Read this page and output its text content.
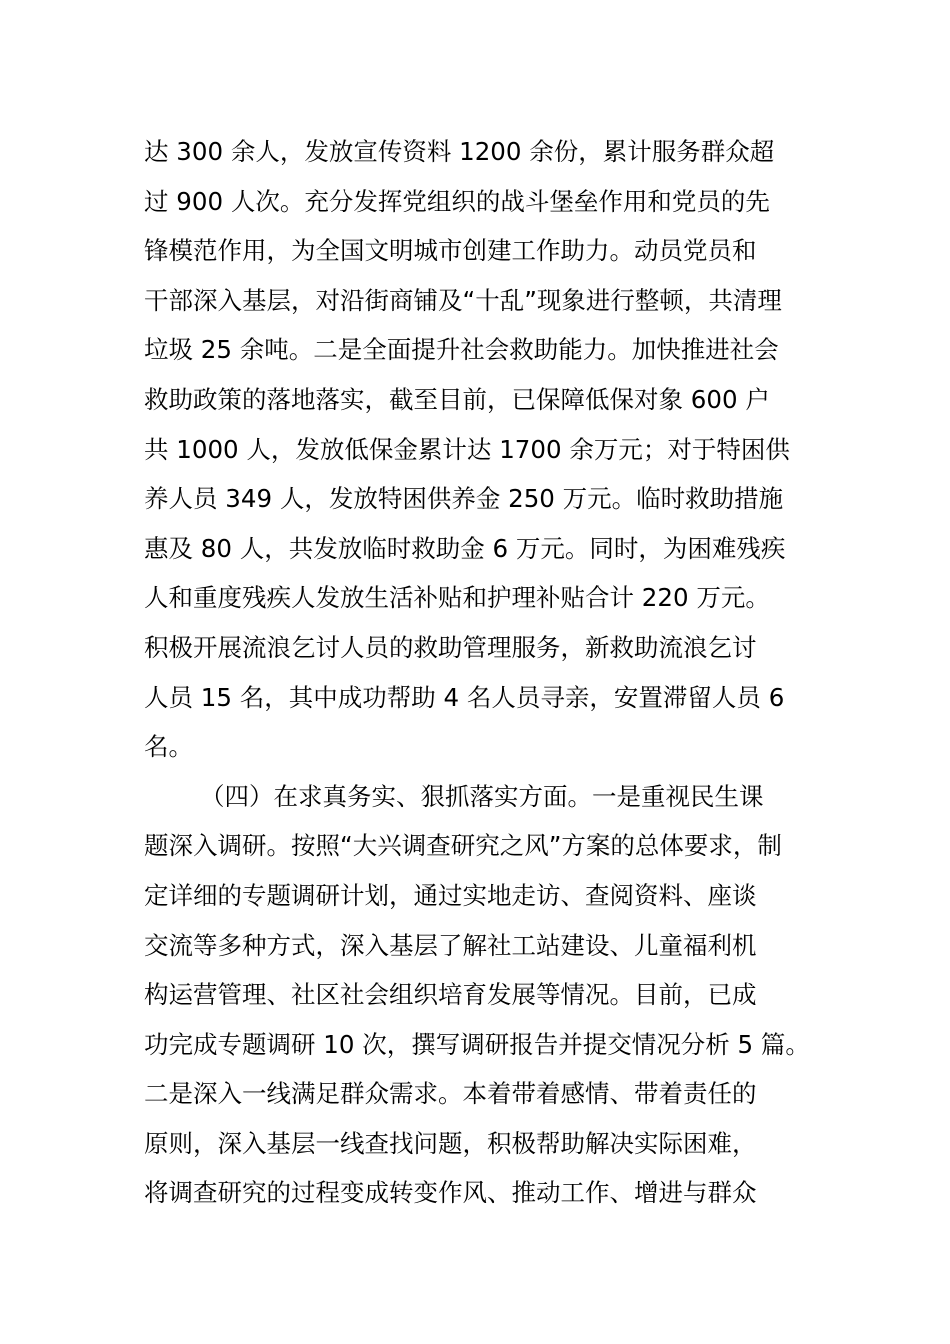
达 300 余人，发放宣传资料 1200 余份，累计服务群众超
过 900 人次。充分发挥党组织的战斗堡垒作用和党员的先
锋模范作用，为全国文明城市创建工作助力。动员党员和
干部深入基层，对沿街商铺及“十乱”现象进行整顿，共清理
垃圾 25 余吨。二是全面提升社会救助能力。加快推进社会
救助政策的落地落实，截至目前，已保障低保对象 600 户
共 1000 人，发放低保金累计达 1700 余万元；对于特困供
养人员 349 人，发放特困供养金 250 万元。临时救助措施
惠及 80 人，共发放临时救助金 6 万元。同时，为困难残疾
人和重度残疾人发放生活补贴和护理补贴合计 220 万元。
积极开展流浪乞讨人员的救助管理服务，新救助流浪乞讨
人员 15 名，其中成功帮助 4 名人员寻亲，安置滞留人员 6
名。
（四）在求真务实、狠抓落实方面。一是重视民生课
题深入调研。按照“大兴调查研究之风”方案的总体要求，制
定详细的专题调研计划，通过实地走访、查阅资料、座谈
交流等多种方式，深入基层了解社工站建设、儿童福利机
构运营管理、社区社会组织培育发展等情况。目前，已成
功完成专题调研 10 次，撰写调研报告并提交情况分析 5 篇。
二是深入一线满足群众需求。本着带着感情、带着责任的
原则，深入基层一线查找问题，积极帮助解决实际困难，
将调查研究的过程变成转变作风、推动工作、增进与群众
